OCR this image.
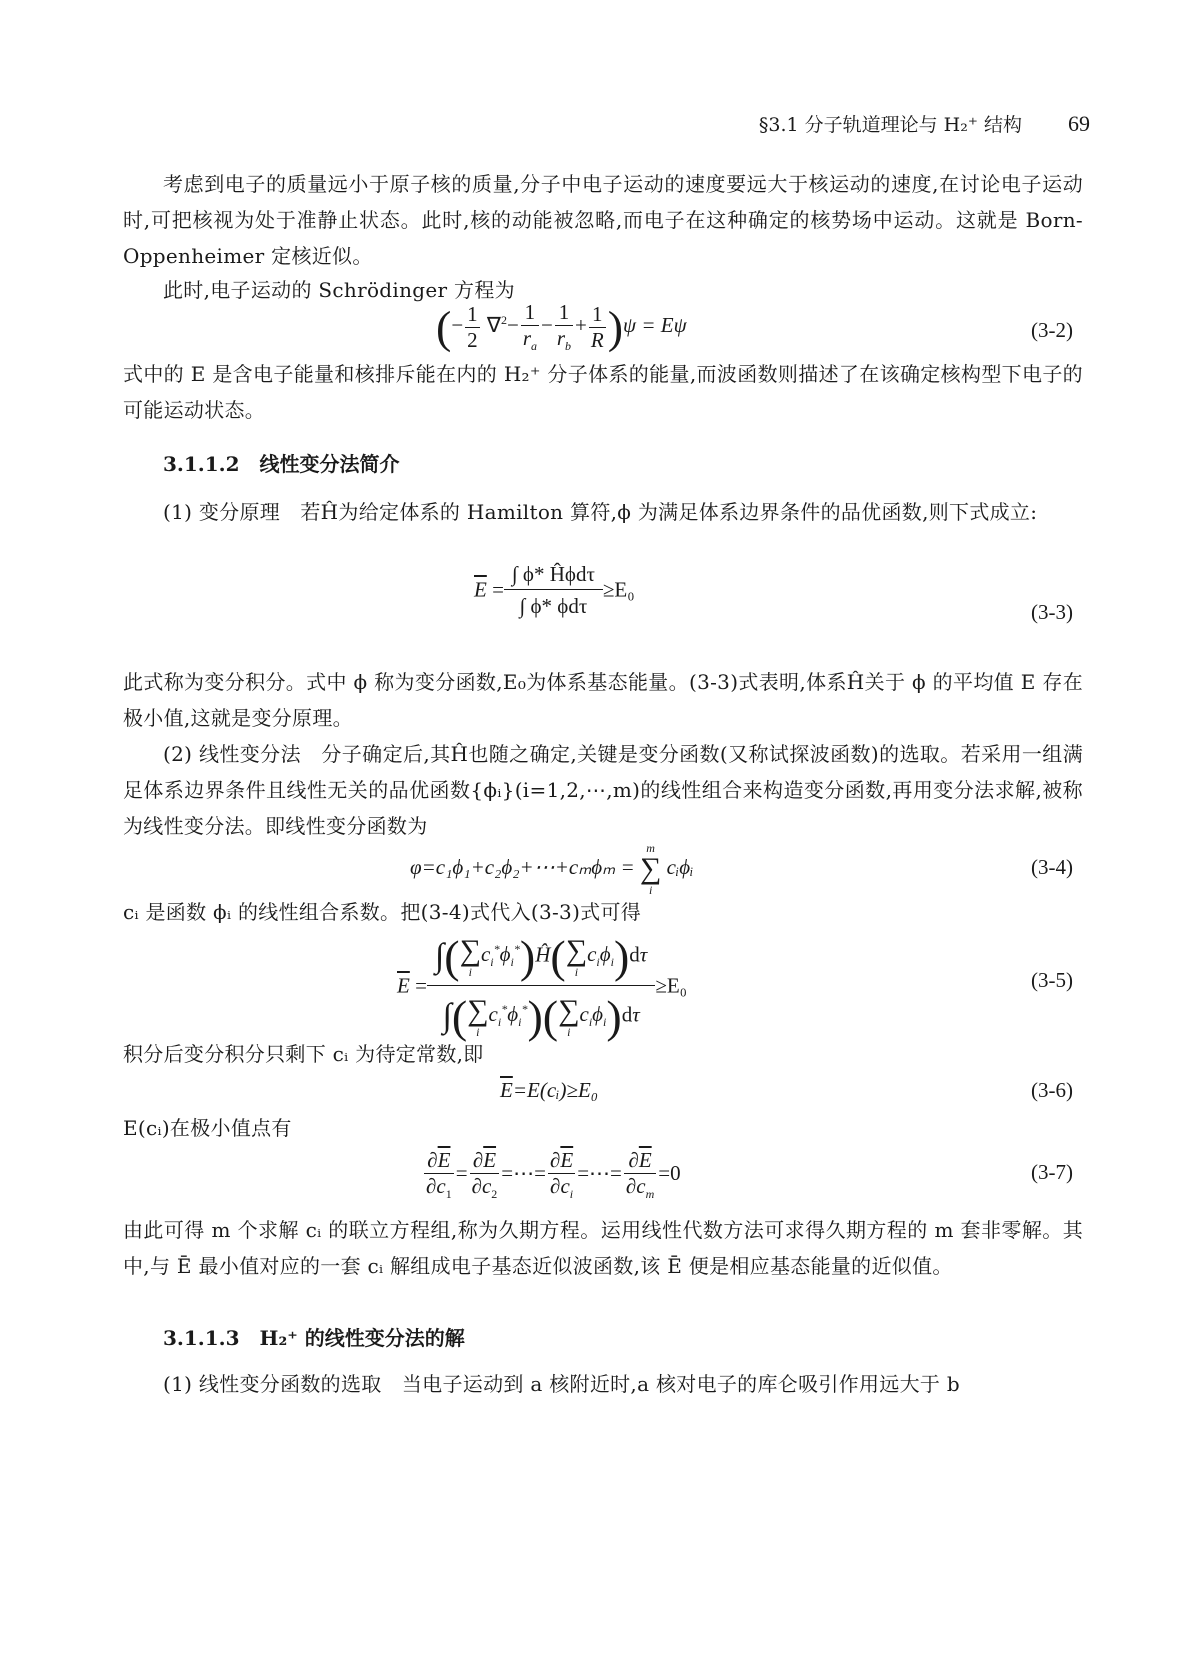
§3.1 分子轨道理论与 H₂⁺ 结构 69
考虑到电子的质量远小于原子核的质量,分子中电子运动的速度要远大于核运动的速度,在讨论电子运动时,可把核视为处于准静止状态。此时,核的动能被忽略,而电子在这种确定的核势场中运动。这就是 Born-Oppenheimer 定核近似。
此时,电子运动的 Schrödinger 方程为
(− $\frac{1}{2} \nabla^2- \frac{1}{r_a} - \frac{1}{r_b} + \frac{1}{R} )\psi = E\psi$	(3-2)
式中的 E 是含电子能量和核排斥能在内的 H₂⁺ 分子体系的能量,而波函数则描述了在该确定核构型下电子的可能运动状态。
3.1.1.2　线性变分法简介
(1) 变分原理　若Ĥ为给定体系的 Hamilton 算符,ϕ 为满足体系边界条件的品优函数,则下式成立:
$\overline{E} = \frac{\text{∫ ϕ* Ĥϕdτ}}{\text{∫ ϕ* ϕdτ}} \ge E_0$
(3-3)
此式称为变分积分。式中 ϕ 称为变分函数,E₀为体系基态能量。(3-3)式表明,体系Ĥ关于 ϕ 的平均值 E 存在极小值,这就是变分原理。
(2) 线性变分法　分子确定后,其Ĥ也随之确定,关键是变分函数(又称试探波函数)的选取。若采用一组满足体系边界条件且线性无关的品优函数{ϕᵢ}(i=1,2,⋯,m)的线性组合来构造变分函数,再用变分法求解,被称为线性变分法。即线性变分函数为
φ=c₁ϕ₁+c₂ϕ₂+⋯+cₘϕₘ =
m
∑
i
cᵢϕᵢ	(3-4)
cᵢ 是函数 ϕᵢ 的线性组合系数。把(3-4)式代入(3-3)式可得
$\overline{E}$ = ∫( ∑
i
$c_i^*\phi_i^*)Ĥ$( ∑
i
$c_i\phi_i)d\tau$
∫( ∑
i
$c_i^*\phi_i^*$)( ∑
i
$c_i\phi_i)d\tau \ge E_0$	(3-5)
积分后变分积分只剩下 cᵢ 为待定常数,即
$\overline{E}=E(cᵢ)\ge E_0$	(3-6)
E(cᵢ)在极小值点有
$\frac{\partial\overline{E}}{\partial c_1} = \frac{\partial\overline{E}}{\partial c_2}$ =⋯= $\frac{\partial\overline{E}}{\partial c_i}$ =⋯= $\frac{\partial\overline{E}}{\partial c_m} =0$	(3-7)
由此可得 m 个求解 cᵢ 的联立方程组,称为久期方程。运用线性代数方法可求得久期方程的 m 套非零解。其中,与 Ē 最小值对应的一套 cᵢ 解组成电子基态近似波函数,该 Ē 便是相应基态能量的近似值。
3.1.1.3　H₂⁺ 的线性变分法的解
(1) 线性变分函数的选取　当电子运动到 a 核附近时,a 核对电子的库仑吸引作用远大于 b
